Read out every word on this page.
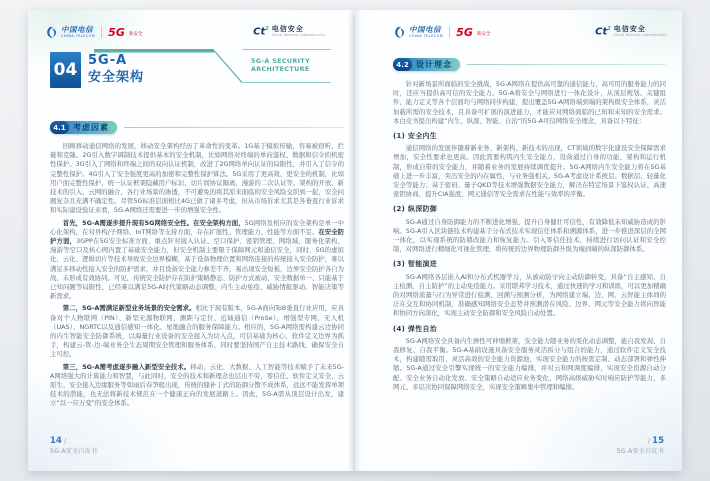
中国电信
CHINA TELECOM 5G 新安全	Ct$^2$ 电信安全
China Telecom Cybersecurity
04 5G-A
安全架构
5G-A SECURITY
ARCHITECTURE
4.1 考虑因素

回顾移动通信网络的发展，移动安全架构经历了革命性的变革。1G基于模拟传输，容易被窃听、拦截和克隆。2G引入数字调制技术提供基本的安全机制，比如网络对终端的单向鉴权、数据和信令的机密性保护。3G引入了网络和终端之间的双向认证机制，改进了2G网络单向认证的局限性，并引入了信令的完整性保护。4G引入了安全强度更高的加密和完整性保护算法。5G采用了更高效、更安全的机制，比如用户面完整性保护、统一认证框架隐藏用户标识、切片间协议隔离、漫游的二次认证等。架构的开放、新技术的引入、云网的融合、各行业场景的渗透，不可避免的将其原来面临的安全风险交织到一起，安全问题复杂且充满不确定性。尽管5G标准层面相比4G已做了诸多考虑，但从市场诉求尤其是各垂直行业诉求和实际建设验证来看，5G-A网络还需要进一步的增强安全性。

首先，5G-A需逐步提升现有5G网络安全性。在安全架构方面，5G网络及相应的安全架构是单一中心化架构，在对异构/子网络、IoT网络等支持方面，存在扩展性、管理能力、性能等方面不足。在安全防护方面，3GPP在5G安全标准方面，重点针对接入认证、空口保护、密钥管理、网络域、服务化架构、漫游等空口及核心网内置了基础安全能力，但安全机制主要限于保障网元和通信安全，同时，5G的虚拟化、云化、逻辑切片等技术导致安全边界模糊，基于设备物理位置和网络连接的传统接入安全防护，难以满足多移动性接入安全的防护需求，并且设备安全能力参差不齐，易出现安全短板，边界安全防护各自为战、未形成有效协同。可见，传统安全防护存在防护策略静态、防护方式被动、安全数据单一、只能基于已知问题等局限性，已经难以满足5G-A时代策略动态调整、内生主动免疫、威胁情报驱动、智能决策等新需求。

第二，5G-A需满足新型业务场景的安全需求。相比于现有版本，5G-A面向ToB垂直行业应用，应具备对个人物联网（PIN）、新型无源物联网、测距与定位、近域通信（ProSe）、增强型专网、无人机（UAS）、NGRTC以及通信感知一体化、星地融合的服务保障能力。相应的，5G-A网络需构建云边协同的内生智能安全防御系统，以海量行业设备的安全接入为切入点，可信基础为核心、软件定义边界为抓手，构建云-管-边-端业务全生态周期安全管理和服务体系，同时要坚持国产自主技术路线，确保安全自主可控。

第三，5G-A需考虑逐步融入新型安全技术。移动、云化、大数据、人工智能等技术赋予了未来5G-A网络强大的计算能力和智慧，与此同时，安全的技术和新理念也层出不穷，零信任、软件定义安全、云原生、安全接入边缘服务等如雨后春笋般出现，传统的缝补丁式的防御分散不成体系，远远不能发挥单项技术的潜能，也无法将新技术规范在一个健康正向的发展道路上。因此，5G-A需从顶层设计出发，建立“以一应万变”的安全体系。

14 /
5G-A安全白皮书
中国电信
CHINA TELECOM 5G 新安全	Ct$^2$ 电信安全
China Telecom Cybersecurity
4.2 设计理念

针对新场景所面临的安全挑战，5G-A网络在提供高可靠的通信能力、高可用的服务能力的同时，还应当提供高可信的安全能力。5G-A将安全与网络进行一体化设计，从顶层规划、关键组件、能力定义等各个层面均与网络同步构建，提出覆盖5G-A网络端到端的架构级安全体系，灵活加载所需的安全技术，且具备可扩展的演进能力，才能应对网络面临的已知和未知的安全需求。本白皮书提出构建“内生、纵深、智能、自治”的5G-A可信网络安全理念，具备以下特征：

(1) 安全内生

通信网络的发展伴随着新业务、新架构、新技术的出现，CT领域的数字化建设安全保障需求增加，安全性要求也更高。因此需要构筑内生安全能力，设备通过自身的功能、架构和运行机制，形成自带的安全能力，并随着业务的发展持续调优提升。5G-A网络内生安全能力将在5G基础上进一步丰富，突出安全的内在属性，与业务强相关。5G-A考虑设计系统层、数据层、轻量化安全等能力；基于密码、量子QKD等技术增强数据安全能力，解决在特定场景下鉴权认证、高速密钥协商、提升CIA强度、网元通信等安全需求在性能与效率的平衡。

(2) 纵深防御

5G-A通过自身防御能力的不断进化增强，提升自身健壮可信性，有效降低未知威胁造成的影响。5G-A引入区块链技术构建基于分布式技术实现信任体系和溯源体系，进一步推进深层的全网一体化，以实现系统的防篡改能力和恢复能力。引入零信任技术，持续进行访问认证和安全控制，对网络进行精细化可视化管理，将传统的边界物理防御升级为端到端的纵深防御体系。

(3) 智能演进

5G-A网络各层嵌入AI和分布式机器学习，从被动防守向主动防御转变，具备“自主感知、自主检测、自主防护”的主动免疫能力。采用联邦学习技术，通过快速的学习和训练，可以更加精确的对网络流量与行为异常进行检测、回溯与预测分析，为网络建立端、边、网、云智能主体间的泛在交互和协同机制，准确感知网络安全态势并预测潜在风险。边界、网元等安全能力将向智能和协同方向深化，实现主动安全防御和安全风险自动处置。

(4) 弹性自治

5G-A网络安全具备内生弹性可伸缩框架，安全能力随业务的变化动态调整，能自我发现、自我修复、自我平衡。5G-A基础设施具备安全服务灵活拆分与组合的能力，通过软件定义安全技术，构建随需取用、灵活高效的安全能力资源池，实现安全能力的按需定制、动态部署和弹性伸缩。5G-A通过安全引擎实现统一的安全能力编排，并对云和网调度编排，实现安全资源自动分配、安全业务自动化发放、安全策略自动适应业务变化、网络高级威胁实时响应防护等能力，多网元、多层次协同保障网络安全，实现安全策略集中管理和编排。

/ 15
5G-A安全白皮书
